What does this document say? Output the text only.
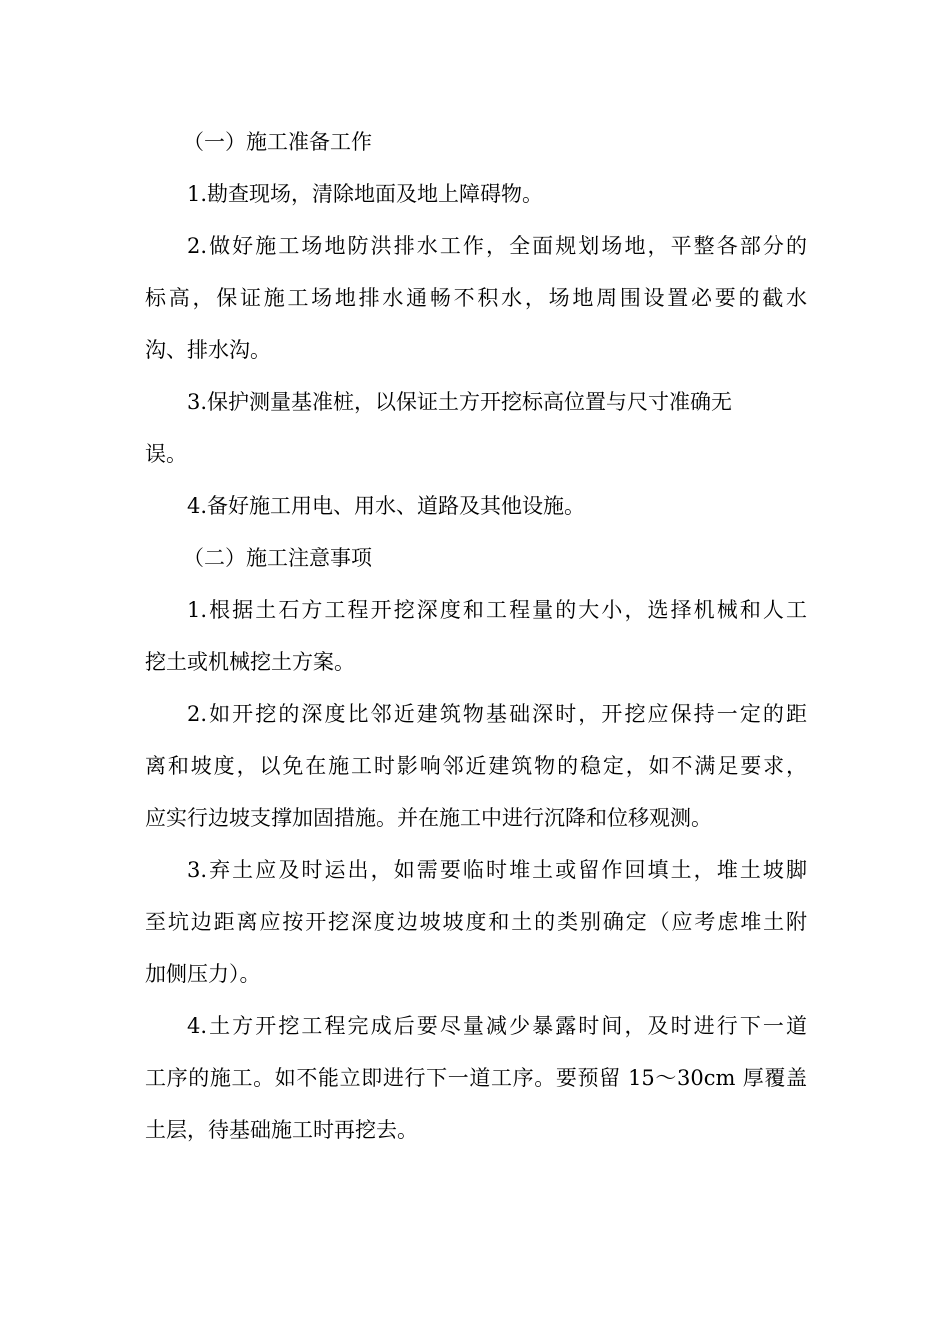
（一）施工准备工作
1.勘查现场，清除地面及地上障碍物。
2.做好施工场地防洪排水工作，全面规划场地，平整各部分的
标高，保证施工场地排水通畅不积水，场地周围设置必要的截水
沟、排水沟。
3.保护测量基准桩，以保证土方开挖标高位置与尺寸准确无
误。
4.备好施工用电、用水、道路及其他设施。
（二）施工注意事项
1.根据土石方工程开挖深度和工程量的大小，选择机械和人工
挖土或机械挖土方案。
2.如开挖的深度比邻近建筑物基础深时，开挖应保持一定的距
离和坡度，以免在施工时影响邻近建筑物的稳定，如不满足要求，
应实行边坡支撑加固措施。并在施工中进行沉降和位移观测。
3.弃土应及时运出，如需要临时堆土或留作回填土，堆土坡脚
至坑边距离应按开挖深度边坡坡度和土的类别确定（应考虑堆土附
加侧压力）。
4.土方开挖工程完成后要尽量减少暴露时间，及时进行下一道
工序的施工。如不能立即进行下一道工序。要预留 15～30cm 厚覆盖
土层，待基础施工时再挖去。
